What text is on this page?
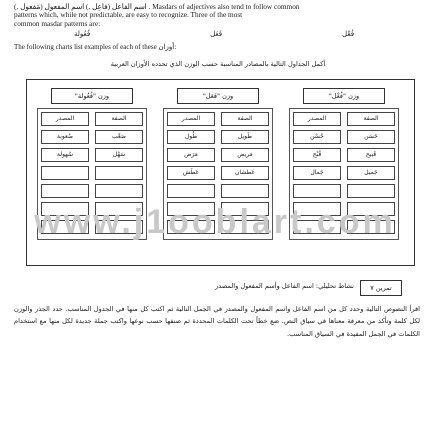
اسم الفاعل (فاعِل ,) اسم المفعول (مَفعول ,) . Masdars of adjectives also tend to follow common
patterns which, while not predictable, are easy to recognize. Three of the most
common masdar patterns are:
فُعْل
فَعَل
فُعُولة
The following charts list examples of each of these أوزان:
أكمل الجداول التالية بالمصادر المناسبة حسب الوزن الذي تحدده الأوزان العربية
وزن "فُعْل"
المصدر	الصفة
حُسْن	حَسَن
قُبْح	قَبيح
جَمال	جَميل
وزن "فَعَل"
المصدر	الصفة
طُول	طَويل
مَرَض	مَريض
عَطَش	عَطشان
وزن "فُعُولة"
المصدر	الصفة
صُعوبة	صَعْب
سُهولة	سَهْل
www.j1ooblart.com
تمرين ٧
نشاط تحليلي: اسم الفاعل وأسم المفعول والمصدر
اقرأ النصوص التالية وحدد كل من اسم الفاعل واسم المفعول والمصدر في الجمل التالية ثم اكتب كل منها في الجدول المناسب. حدد الجذر والوزن لكل كلمة وتأكد من معرفة معناها في سياق النص. ضع خطاً تحت الكلمات المحددة ثم صنفها حسب نوعها واكتب جملة جديدة لكل منها مع استخدام الكلمات في الجمل المفيدة في السياق المناسب.
